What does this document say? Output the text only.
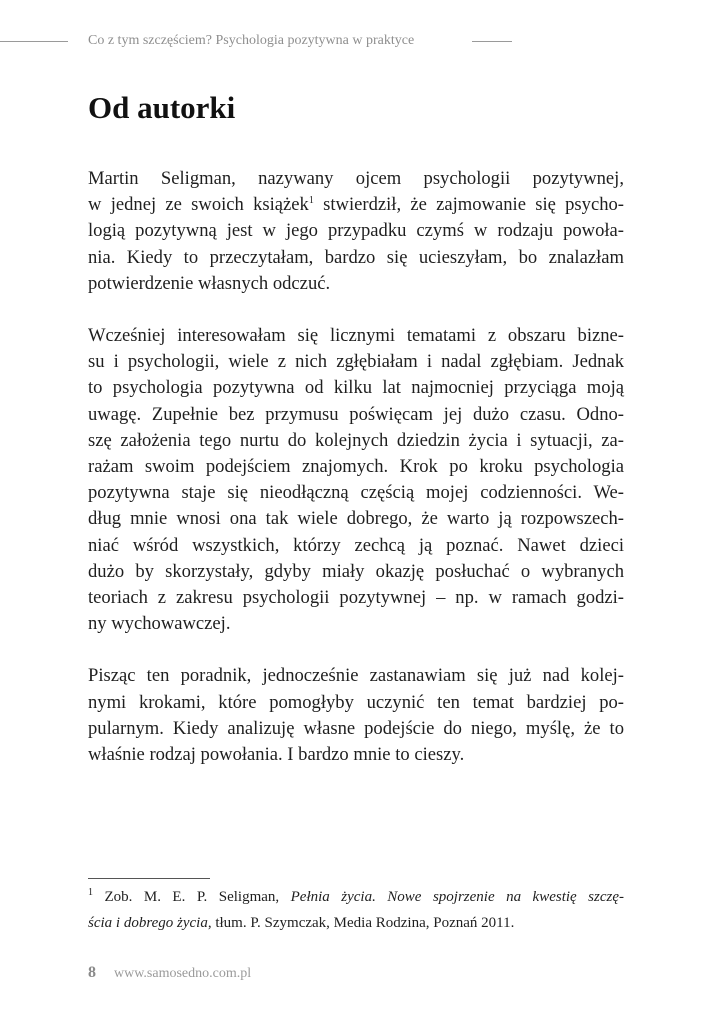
Co z tym szczęściem? Psychologia pozytywna w praktyce
Od autorki

Martin Seligman, nazywany ojcem psychologii pozytywnej,
w jednej ze swoich książek$^1$ stwierdził, że zajmowanie się psycho-
logią pozytywną jest w jego przypadku czymś w rodzaju powoła-
nia. Kiedy to przeczytałam, bardzo się ucieszyłam, bo znalazłam
potwierdzenie własnych odczuć.

Wcześniej interesowałam się licznymi tematami z obszaru bizne-
su i psychologii, wiele z nich zgłębiałam i nadal zgłębiam. Jednak
to psychologia pozytywna od kilku lat najmocniej przyciąga moją
uwagę. Zupełnie bez przymusu poświęcam jej dużo czasu. Odno-
szę założenia tego nurtu do kolejnych dziedzin życia i sytuacji, za-
rażam swoim podejściem znajomych. Krok po kroku psychologia
pozytywna staje się nieodłączną częścią mojej codzienności. We-
dług mnie wnosi ona tak wiele dobrego, że warto ją rozpowszech-
niać wśród wszystkich, którzy zechcą ją poznać. Nawet dzieci
dużo by skorzystały, gdyby miały okazję posłuchać o wybranych
teoriach z zakresu psychologii pozytywnej – np. w ramach godzi-
ny wychowawczej.

Pisząc ten poradnik, jednocześnie zastanawiam się już nad kolej-
nymi krokami, które pomogłyby uczynić ten temat bardziej po-
pularnym. Kiedy analizuję własne podejście do niego, myślę, że to
właśnie rodzaj powołania. I bardzo mnie to cieszy.

$^1$ Zob. M. E. P. Seligman, Pełnia życia. Nowe spojrzenie na kwestię szczę-
ścia i dobrego życia, tłum. P. Szymczak, Media Rodzina, Poznań 2011.
8 www.samosedno.com.pl
